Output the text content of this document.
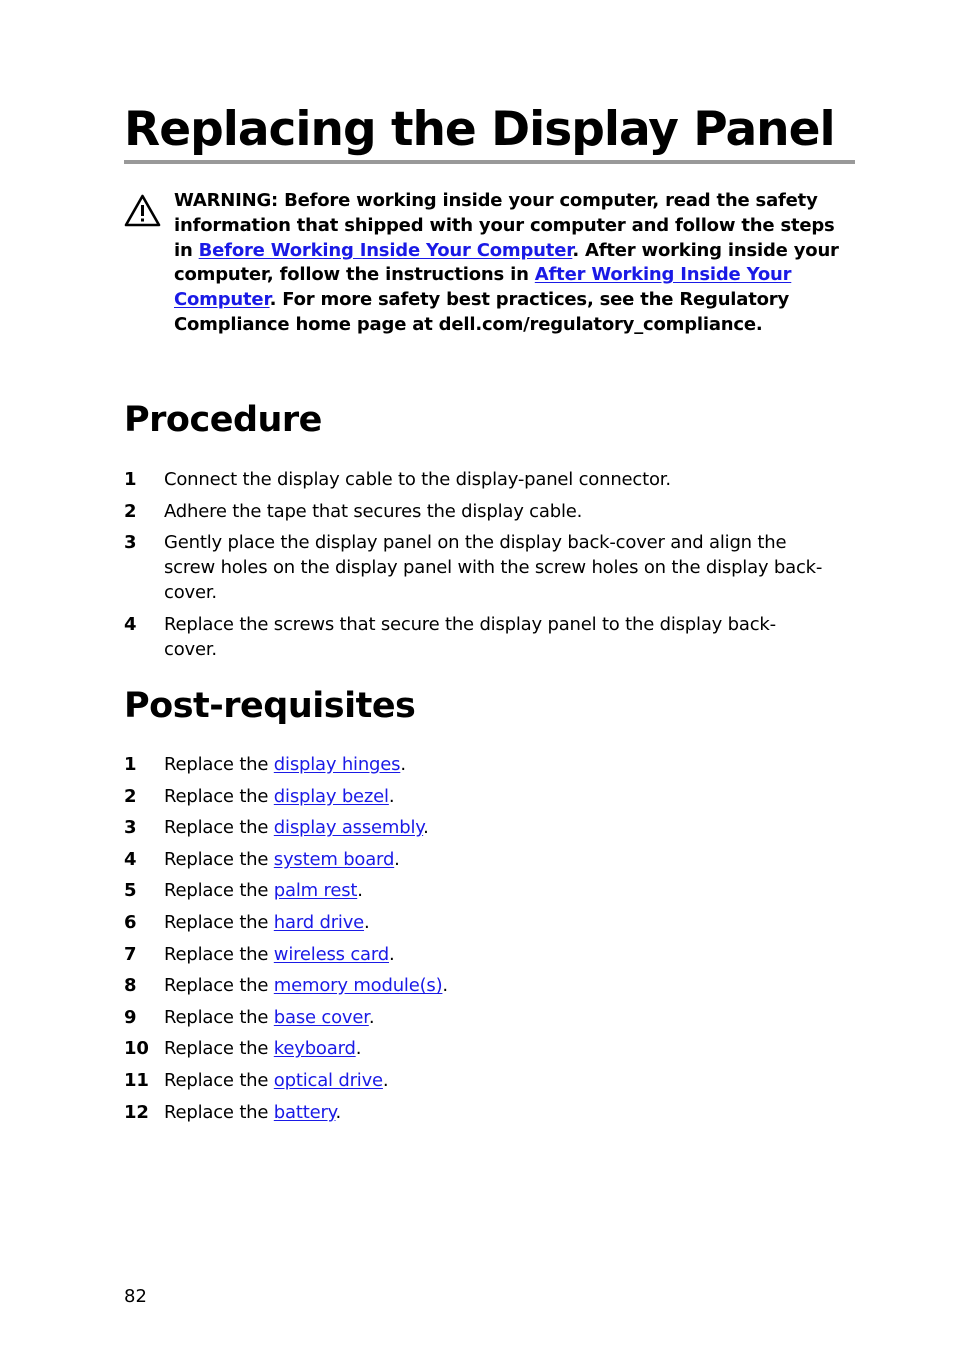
Replacing the Display Panel
WARNING: Before working inside your computer, read the safety information that shipped with your computer and follow the steps in Before Working Inside Your Computer. After working inside your computer, follow the instructions in After Working Inside Your Computer. For more safety best practices, see the Regulatory Compliance home page at dell.com/regulatory_compliance.
Procedure
1 Connect the display cable to the display-panel connector.
2 Adhere the tape that secures the display cable.
3 Gently place the display panel on the display back-cover and align the screw holes on the display panel with the screw holes on the display back-cover.
4 Replace the screws that secure the display panel to the display back-cover.
Post-requisites
1 Replace the display hinges.
2 Replace the display bezel.
3 Replace the display assembly.
4 Replace the system board.
5 Replace the palm rest.
6 Replace the hard drive.
7 Replace the wireless card.
8 Replace the memory module(s).
9 Replace the base cover.
10 Replace the keyboard.
11 Replace the optical drive.
12 Replace the battery.
82
